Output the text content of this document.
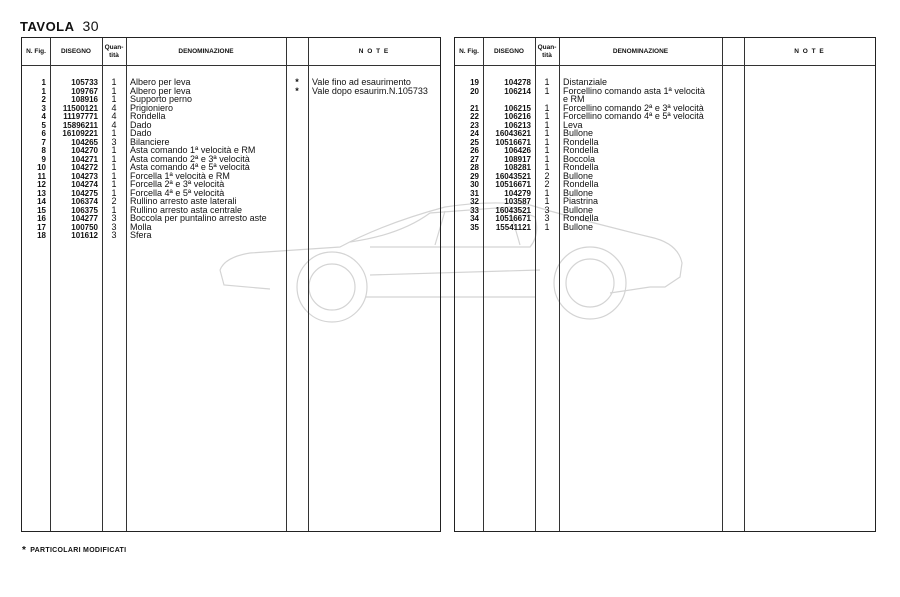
TAVOLA 30
N. Fig.	DISEGNO
Quan-tità
DENOMINAZIONE	N O T E
1	105733	1	Albero per leva	*	Vale fino ad esaurimento
1	109767	1	Albero per leva	*	Vale dopo esaurim.N.105733
2	108916	1	Supporto perno
3	11500121	4	Prigioniero
4	11197771	4	Rondella
5	15896211	4	Dado
6	16109221	1	Dado
7	104265	3	Bilanciere
8	104270	1	Asta comando 1ª velocità e RM
9	104271	1	Asta comando 2ª e 3ª velocità
10	104272	1	Asta comando 4ª e 5ª velocità
11	104273	1	Forcella 1ª velocità e RM
12	104274	1	Forcella 2ª e 3ª velocità
13	104275	1	Forcella 4ª e 5ª velocità
14	106374	2	Rullino arresto aste laterali
15	106375	1	Rullino arresto asta centrale
16	104277	3	Boccola per puntalino arresto aste
17	100750	3	Molla
18	101612	3	Sfera
N. Fig.	DISEGNO
Quan-tità
DENOMINAZIONE	N O T E
19	104278	1	Distanziale
20	106214	1	Forcellino comando asta 1ª velocità
e RM
21	106215	1	Forcellino comando 2ª e 3ª velocità
22	106216	1	Forcellino comando 4ª e 5ª velocità
23	106213	1	Leva
24	16043621	1	Bullone
25	10516671	1	Rondella
26	106426	1	Rondella
27	108917	1	Boccola
28	108281	1	Rondella
29	16043521	2	Bullone
30	10516671	2	Rondella
31	104279	1	Bullone
32	103587	1	Piastrina
33	16043521	3	Bullone
34	10516671	3	Rondella
35	15541121	1	Bullone
* PARTICOLARI MODIFICATI
